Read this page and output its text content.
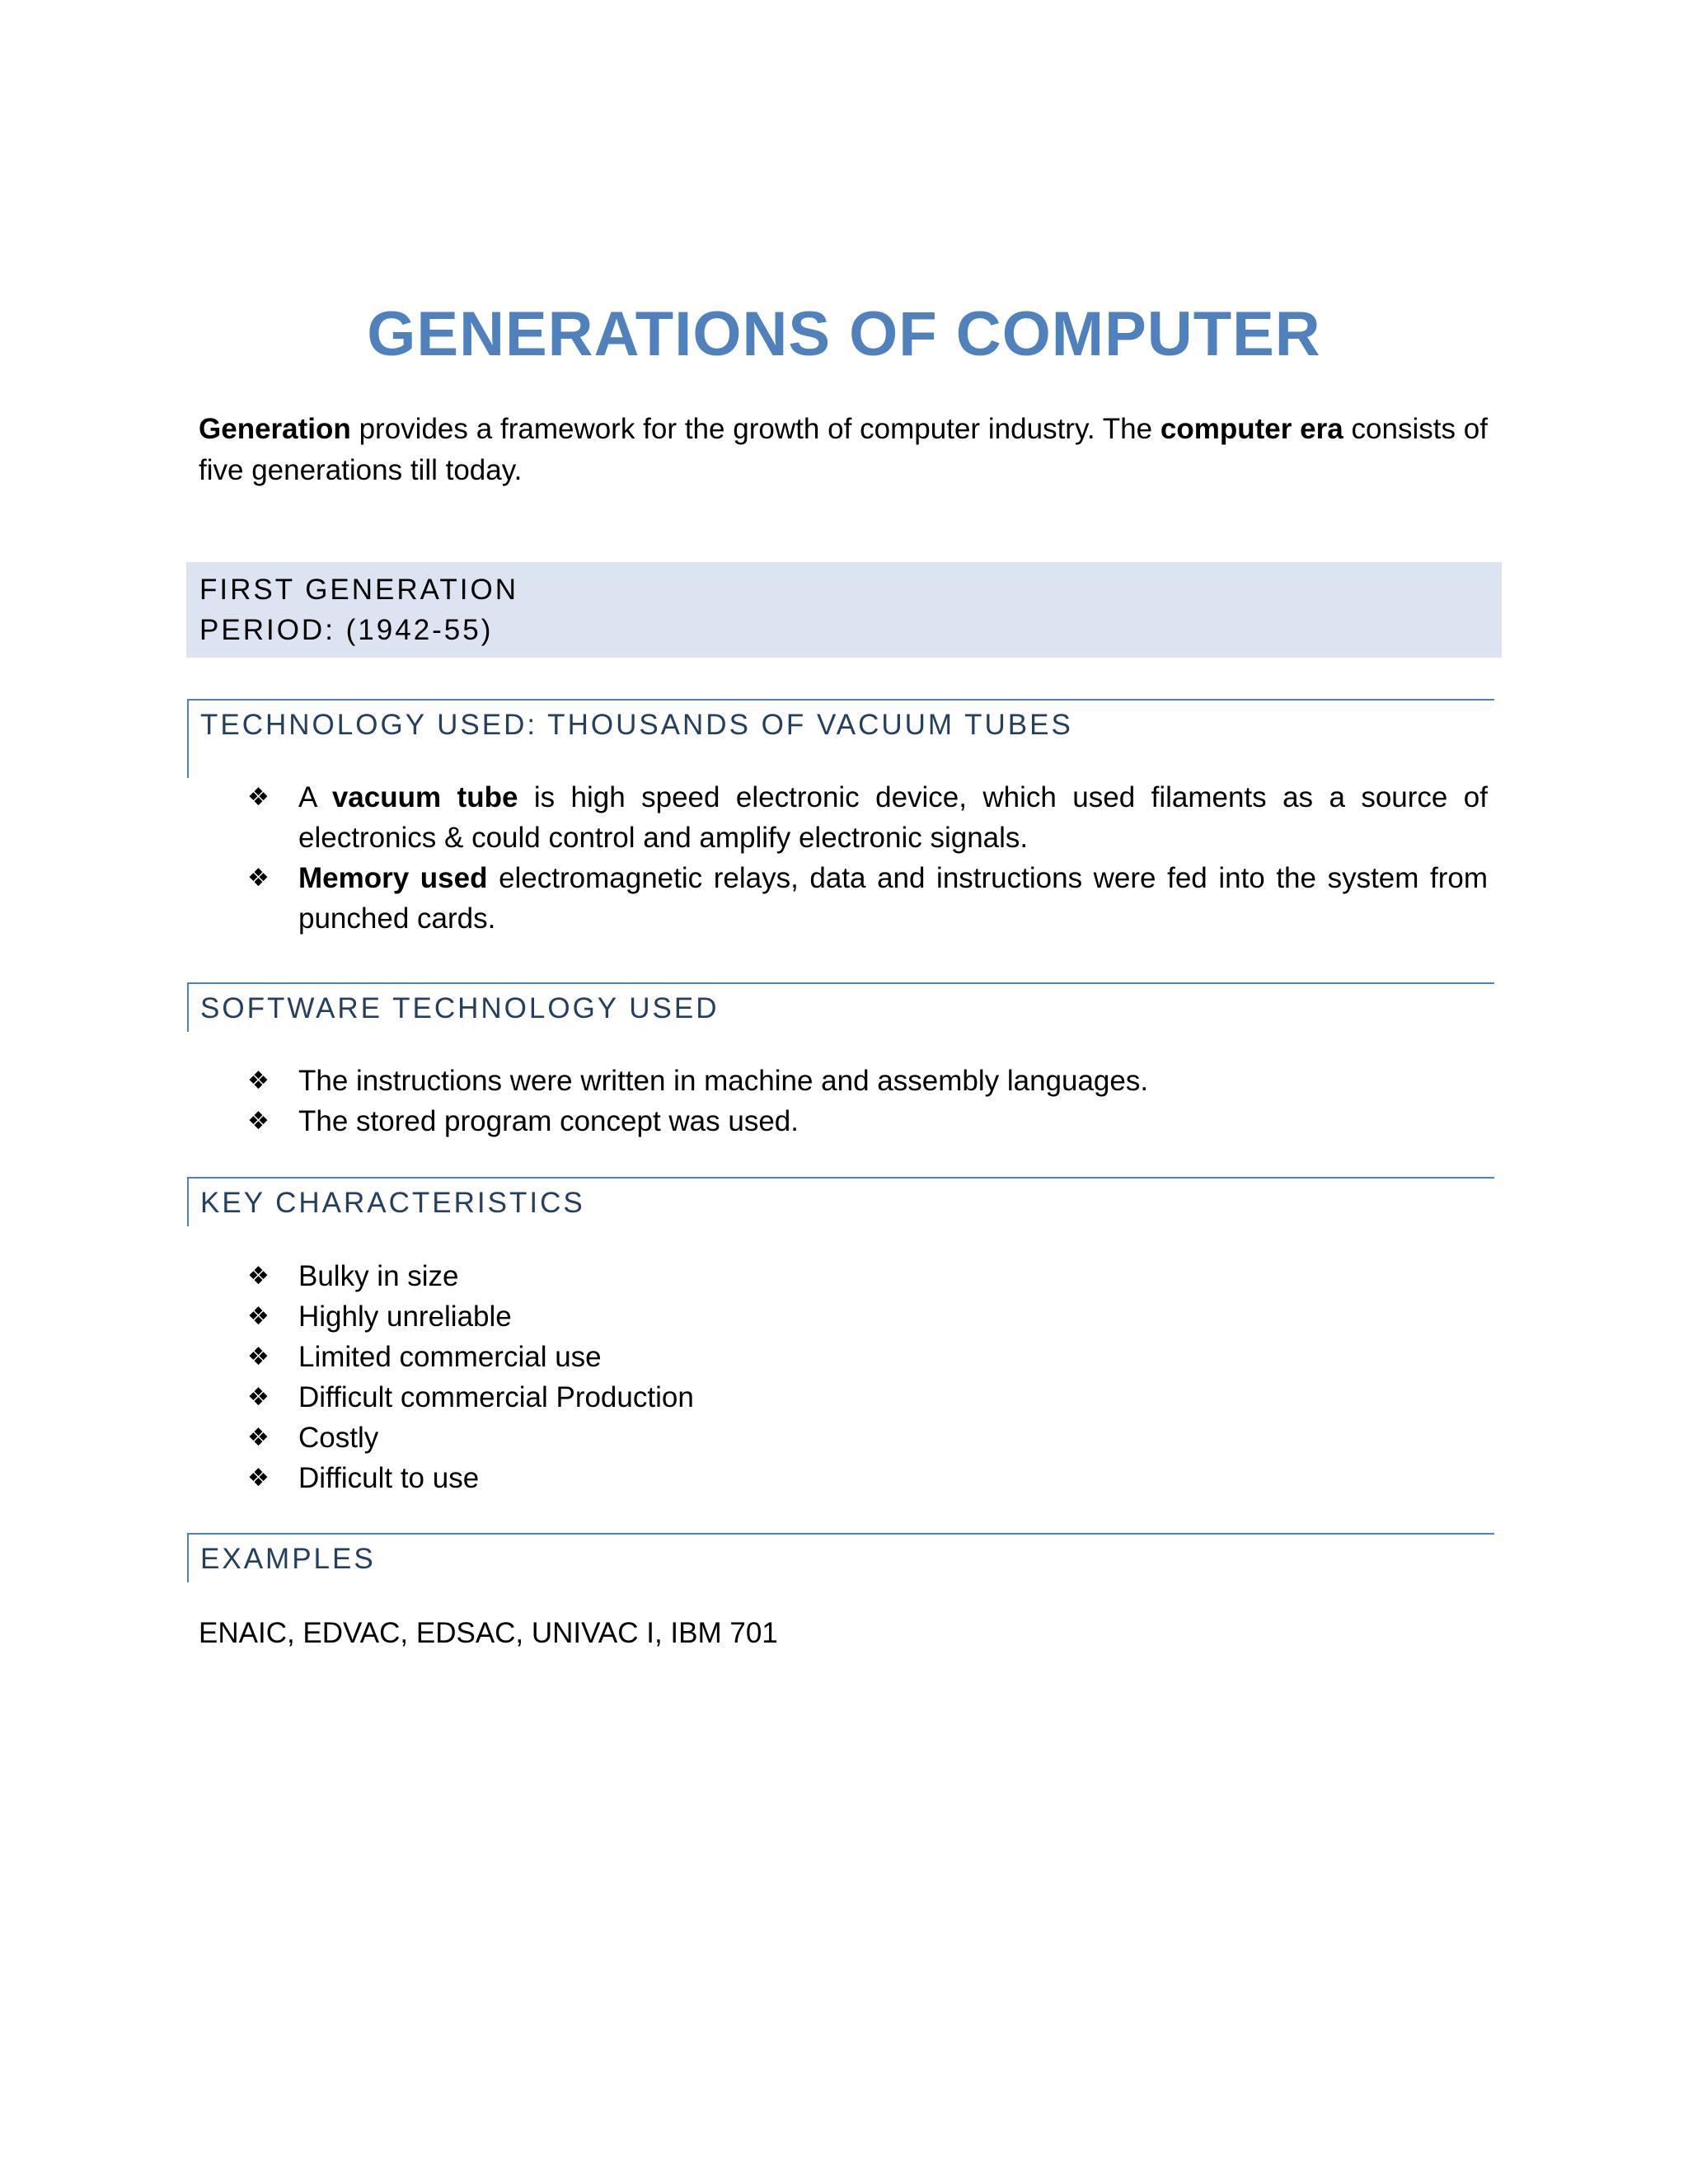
GENERATIONS OF COMPUTER

Generation provides a framework for the growth of computer industry. The computer era consists of five generations till today.

FIRST GENERATION
PERIOD: (1942-55)
TECHNOLOGY USED: THOUSANDS OF VACUUM TUBES
❖ A vacuum tube is high speed electronic device, which used filaments as a source of electronics & could control and amplify electronic signals.
❖ Memory used electromagnetic relays, data and instructions were fed into the system from punched cards.
SOFTWARE TECHNOLOGY USED
❖ The instructions were written in machine and assembly languages.
❖ The stored program concept was used.
KEY CHARACTERISTICS
❖ Bulky in size
❖ Highly unreliable
❖ Limited commercial use
❖ Difficult commercial Production
❖ Costly
❖ Difficult to use
EXAMPLES

ENAIC, EDVAC, EDSAC, UNIVAC I, IBM 701
